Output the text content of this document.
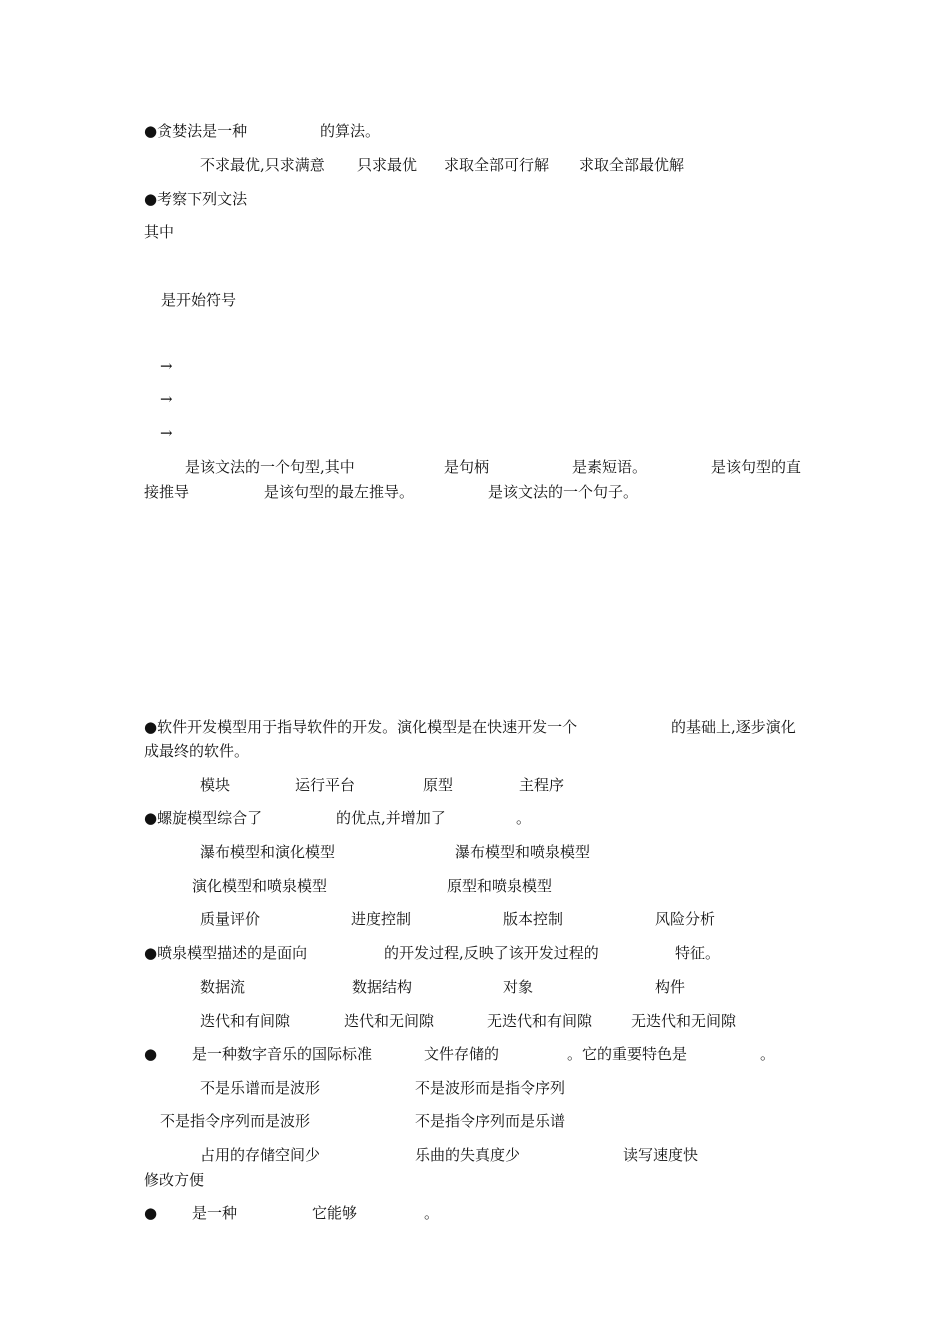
●贪婪法是一种	的算法。
不求最优,只求满意 只求最优 求取全部可行解 求取全部最优解
●考察下列文法
其中
是开始符号
→
→
→
是该文法的一个句型,其中	是句柄	是素短语。	是该句型的直
接推导	是该句型的最左推导。	是该文法的一个句子。
●软件开发模型用于指导软件的开发。演化模型是在快速开发一个	的基础上,逐步演化
成最终的软件。
模块	运行平台	原型	主程序
●螺旋模型综合了	的优点,并增加了	。
瀑布模型和演化模型	瀑布模型和喷泉模型
演化模型和喷泉模型	原型和喷泉模型
质量评价	进度控制	版本控制	风险分析
●喷泉模型描述的是面向	的开发过程,反映了该开发过程的	特征。
数据流	数据结构	对象	构件
迭代和有间隙	迭代和无间隙	无迭代和有间隙	无迭代和无间隙
● 是一种数字音乐的国际标准	文件存储的	。它的重要特色是	。
不是乐谱而是波形	不是波形而是指令序列
不是指令序列而是波形	不是指令序列而是乐谱
占用的存储空间少	乐曲的失真度少	读写速度快
修改方便
● 是一种	它能够	。
